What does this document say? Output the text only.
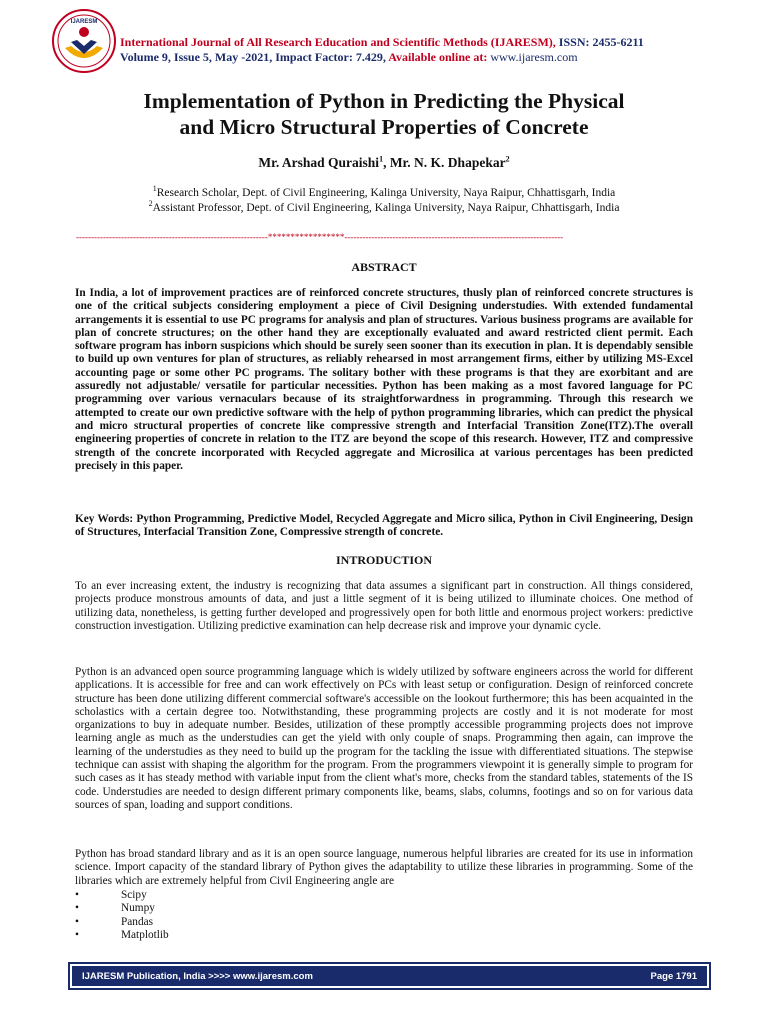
IJARESM
International Journal of All Research Education and Scientific Methods (IJARESM), ISSN: 2455-6211
Volume 9, Issue 5, May -2021, Impact Factor: 7.429, Available online at: www.ijaresm.com
Implementation of Python in Predicting the Physical
and Micro Structural Properties of Concrete
Mr. Arshad Quraishi$^1$, Mr. N. K. Dhapekar$^2$
$^1$Research Scholar, Dept. of Civil Engineering, Kalinga University, Naya Raipur, Chhattisgarh, India
$^2$Assistant Professor, Dept. of Civil Engineering, Kalinga University, Naya Raipur, Chhattisgarh, India
----------------------------------------------------------------*****************-------------------------------------------------------------------------
ABSTRACT
In India, a lot of improvement practices are of reinforced concrete structures, thusly plan of reinforced concrete structures is one of the critical subjects considering employment a piece of Civil Designing understudies. With extended fundamental arrangements it is essential to use PC programs for analysis and plan of structures. Various business programs are available for plan of concrete structures; on the other hand they are exceptionally evaluated and award restricted client permit. Each software program has inborn suspicions which should be surely seen sooner than its execution in plan. It is dependably sensible to build up own ventures for plan of structures, as reliably rehearsed in most arrangement firms, either by utilizing MS-Excel accounting page or some other PC programs. The solitary bother with these programs is that they are exorbitant and are assuredly not adjustable/ versatile for particular necessities. Python has been making as a most favored language for PC programming over various vernaculars because of its straightforwardness in programming. Through this research we attempted to create our own predictive software with the help of python programming libraries, which can predict the physical and micro structural properties of concrete like compressive strength and Interfacial Transition Zone(ITZ).The overall engineering properties of concrete in relation to the ITZ are beyond the scope of this research. However, ITZ and compressive strength of the concrete incorporated with Recycled aggregate and Microsilica at various percentages has been predicted precisely in this paper.
Key Words: Python Programming, Predictive Model, Recycled Aggregate and Micro silica, Python in Civil Engineering, Design of Structures, Interfacial Transition Zone, Compressive strength of concrete.
INTRODUCTION
To an ever increasing extent, the industry is recognizing that data assumes a significant part in construction. All things considered, projects produce monstrous amounts of data, and just a little segment of it is being utilized to illuminate choices. One method of utilizing data, nonetheless, is getting further developed and progressively open for both little and enormous project workers: predictive construction investigation. Utilizing predictive examination can help decrease risk and improve your dynamic cycle.
Python is an advanced open source programming language which is widely utilized by software engineers across the world for different applications. It is accessible for free and can work effectively on PCs with least setup or configuration. Design of reinforced concrete structure has been done utilizing different commercial software's accessible on the lookout furthermore; this has been acquainted in the scholastics with a certain degree too. Notwithstanding, these programming projects are costly and it is not moderate for most organizations to buy in adequate number. Besides, utilization of these promptly accessible programming projects does not improve learning angle as much as the understudies can get the yield with only couple of snaps. Programming then again, can improve the learning of the understudies as they need to build up the program for the tackling the issue with differentiated situations. The stepwise technique can assist with shaping the algorithm for the program. From the programmers viewpoint it is generally simple to program for such cases as it has steady method with variable input from the client what's more, checks from the standard tables, statements of the IS code. Understudies are needed to design different primary components like, beams, slabs, columns, footings and so on for various data sources of span, loading and support conditions.
Python has broad standard library and as it is an open source language, numerous helpful libraries are created for its use in information science. Import capacity of the standard library of Python gives the adaptability to utilize these libraries in programming. Some of the libraries which are extremely helpful from Civil Engineering angle are
•	Scipy
•	Numpy
•	Pandas
•	Matplotlib
IJARESM Publication, India >>>> www.ijaresm.com	Page 1791
